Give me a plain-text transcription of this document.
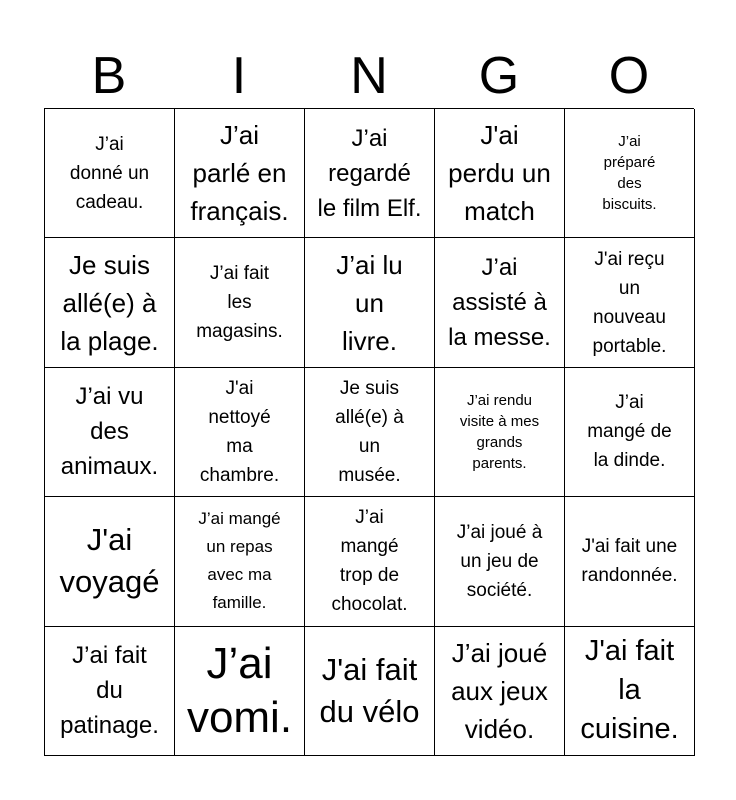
B	I	N	G	O
J’ai
donné un
cadeau.
J’ai
parlé en
français.
J’ai
regardé
le film Elf.
J'ai
perdu un
match
J’ai
préparé
des
biscuits.
Je suis
allé(e) à
la plage.
J’ai fait
les
magasins.
J’ai lu
un
livre.
J’ai
assisté à
la messe.
J'ai reçu
un
nouveau
portable.
J’ai vu
des
animaux.
J'ai
nettoyé
ma
chambre.
Je suis
allé(e) à
un
musée.
J’ai rendu
visite à mes
grands
parents.
J’ai
mangé de
la dinde.
J'ai
voyagé
J’ai mangé
un repas
avec ma
famille.
J’ai
mangé
trop de
chocolat.
J’ai joué à
un jeu de
société.
J'ai fait une
randonnée.
J’ai fait
du
patinage.
J’ai
vomi.
J'ai fait
du vélo
J’ai joué
aux jeux
vidéo.
J'ai fait
la
cuisine.
